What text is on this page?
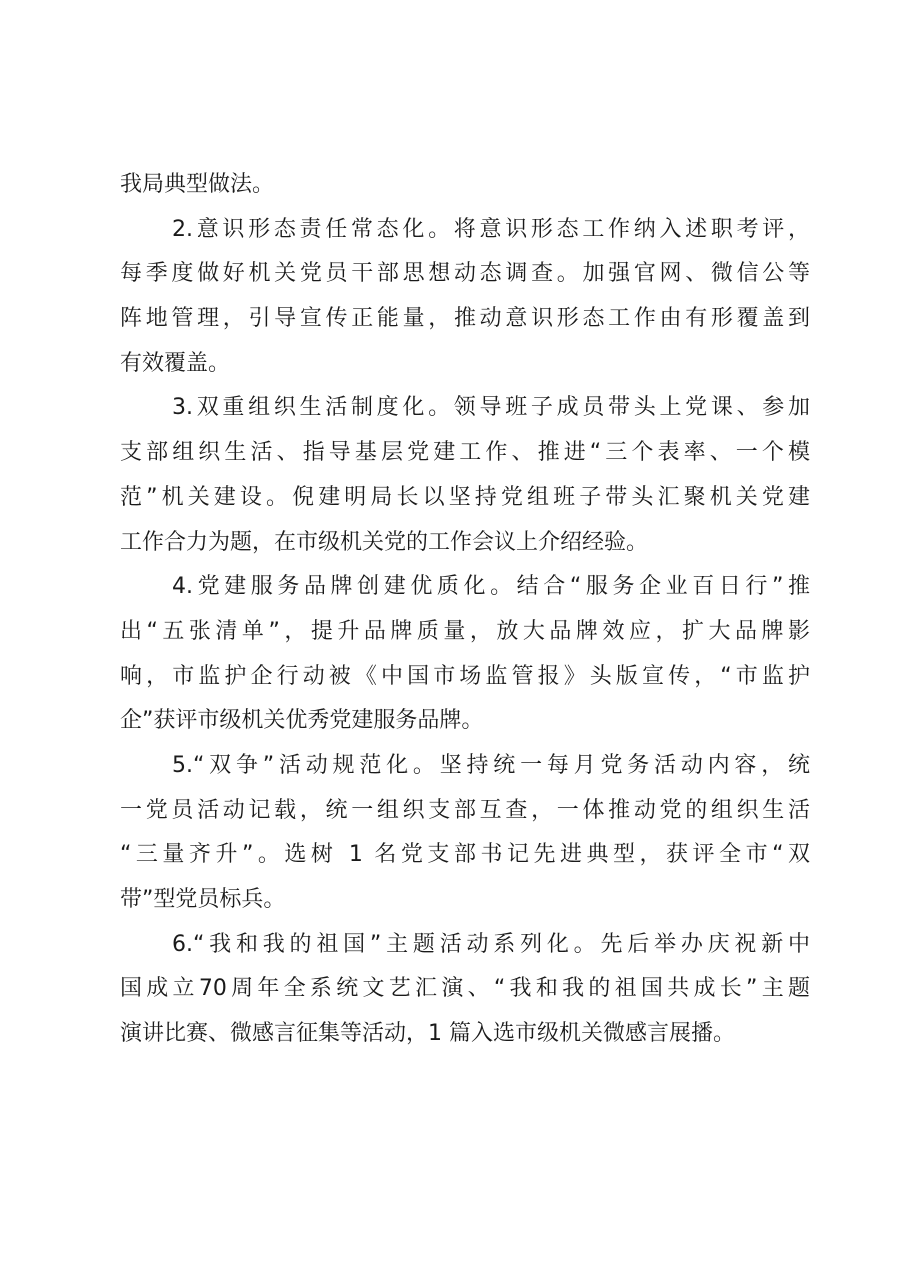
我局典型做法。
2.意识形态责任常态化。将意识形态工作纳入述职考评，
每季度做好机关党员干部思想动态调查。加强官网、微信公等
阵地管理，引导宣传正能量，推动意识形态工作由有形覆盖到
有效覆盖。
3.双重组织生活制度化。领导班子成员带头上党课、参加
支部组织生活、指导基层党建工作、推进“三个表率、一个模
范”机关建设。倪建明局长以坚持党组班子带头汇聚机关党建
工作合力为题，在市级机关党的工作会议上介绍经验。
4.党建服务品牌创建优质化。结合“服务企业百日行”推
出“五张清单”，提升品牌质量，放大品牌效应，扩大品牌影
响，市监护企行动被《中国市场监管报》头版宣传，“市监护
企”获评市级机关优秀党建服务品牌。
5.“双争”活动规范化。坚持统一每月党务活动内容，统
一党员活动记载，统一组织支部互查，一体推动党的组织生活
“三量齐升”。选树 1 名党支部书记先进典型，获评全市“双
带”型党员标兵。
6.“我和我的祖国”主题活动系列化。先后举办庆祝新中
国成立70周年全系统文艺汇演、“我和我的祖国共成长”主题
演讲比赛、微感言征集等活动，1 篇入选市级机关微感言展播。
